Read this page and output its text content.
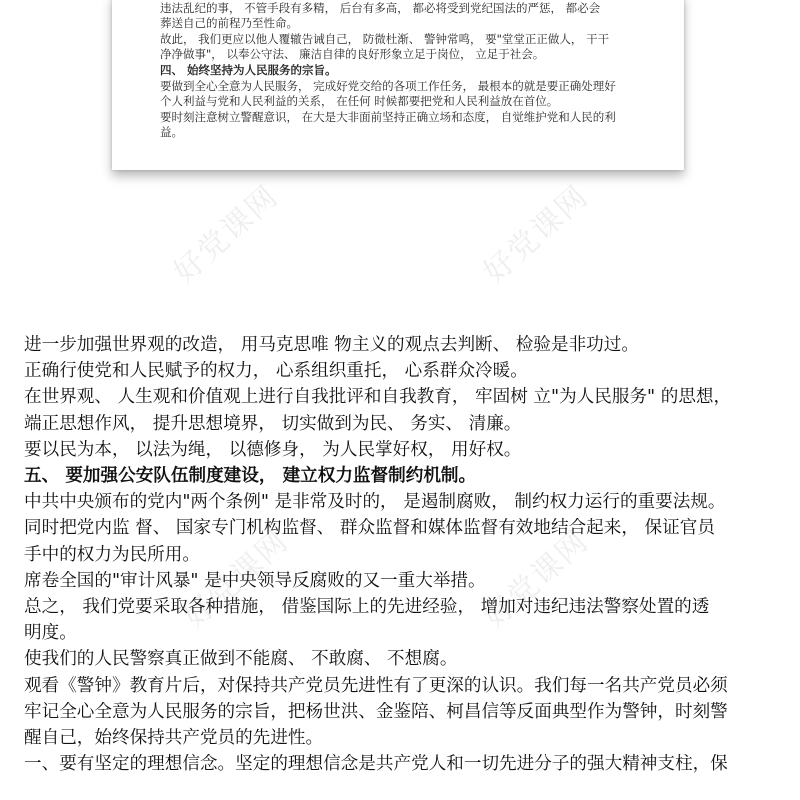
违法乱纪的事， 不管手段有多精， 后台有多高， 都必将受到党纪国法的严惩， 都必会

葬送自己的前程乃至性命。

故此， 我们更应以他人覆辙告诫自己， 防微杜渐、 警钟常鸣， 要"堂堂正正做人， 干干

净净做事"， 以奉公守法、 廉洁自律的良好形象立足于岗位， 立足于社会。

四、 始终坚持为人民服务的宗旨。

要做到全心全意为人民服务， 完成好党交给的各项工作任务， 最根本的就是要正确处理好

个人利益与党和人民利益的关系， 在任何 时候都要把党和人民利益放在首位。

要时刻注意树立警醒意识， 在大是大非面前坚持正确立场和态度， 自觉维护党和人民的利

益。

好党课网	好党课网
好党课网	好党课网

进一步加强世界观的改造， 用马克思唯 物主义的观点去判断、 检验是非功过。

正确行使党和人民赋予的权力， 心系组织重托， 心系群众冷暖。

在世界观、 人生观和价值观上进行自我批评和自我教育， 牢固树 立"为人民服务" 的思想，

端正思想作风， 提升思想境界， 切实做到为民、 务实、 清廉。

要以民为本， 以法为绳， 以德修身， 为人民掌好权， 用好权。

五、 要加强公安队伍制度建设， 建立权力监督制约机制。

中共中央颁布的党内"两个条例" 是非常及时的， 是遏制腐败， 制约权力运行的重要法规。

同时把党内监 督、 国家专门机构监督、 群众监督和媒体监督有效地结合起来， 保证官员

手中的权力为民所用。

席卷全国的"审计风暴" 是中央领导反腐败的又一重大举措。

总之， 我们党要采取各种措施， 借鉴国际上的先进经验， 增加对违纪违法警察处置的透

明度。

使我们的人民警察真正做到不能腐、 不敢腐、 不想腐。

观看《警钟》教育片后，对保持共产党员先进性有了更深的认识。我们每一名共产党员必须

牢记全心全意为人民服务的宗旨，把杨世洪、金鉴陪、柯昌信等反面典型作为警钟，时刻警

醒自己，始终保持共产党员的先进性。

一、要有坚定的理想信念。坚定的理想信念是共产党人和一切先进分子的强大精神支柱，保
